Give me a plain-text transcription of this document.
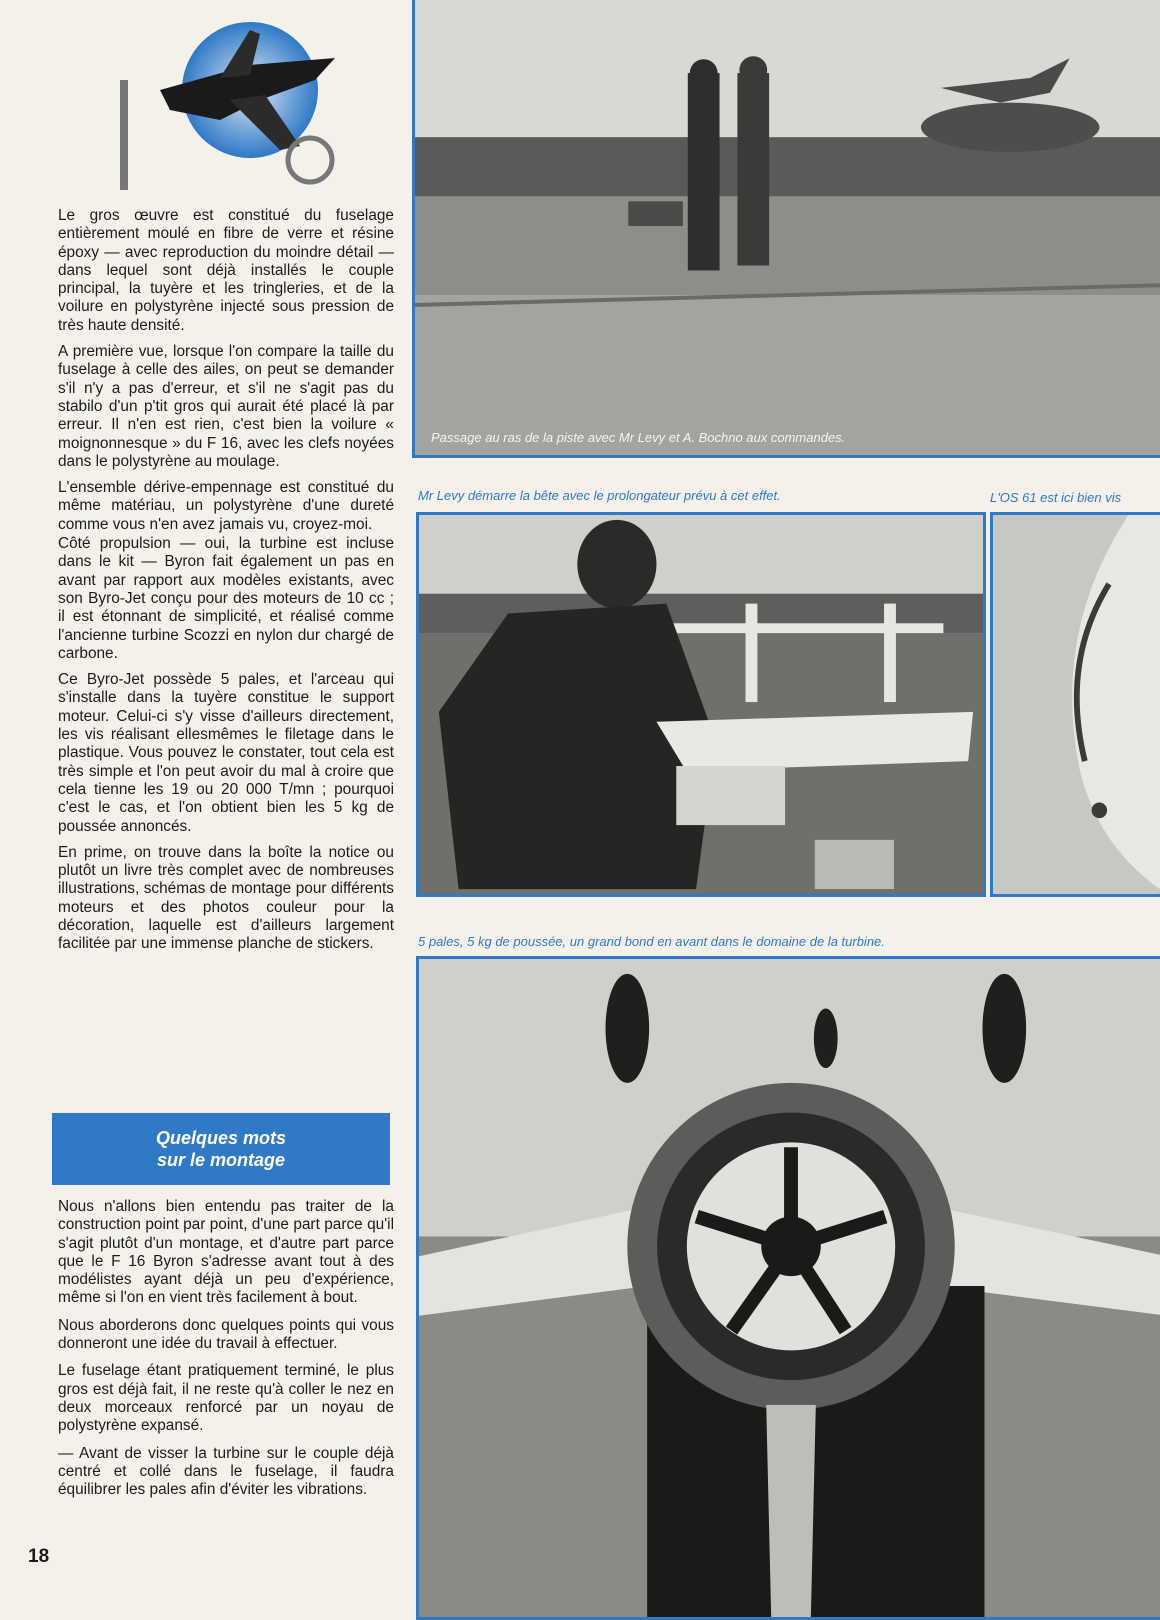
Le gros œuvre est constitué du fuselage entièrement moulé en fibre de verre et résine époxy — avec reproduction du moindre détail — dans lequel sont déjà installés le couple principal, la tuyère et les tringleries, et de la voilure en polystyrène injecté sous pression de très haute densité.

A première vue, lorsque l'on compare la taille du fuselage à celle des ailes, on peut se demander s'il n'y a pas d'erreur, et s'il ne s'agit pas du stabilo d'un p'tit gros qui aurait été placé là par erreur. Il n'en est rien, c'est bien la voilure « moignonnesque » du F 16, avec les clefs noyées dans le polystyrène au moulage.

L'ensemble dérive-empennage est constitué du même matériau, un polystyrène d'une dureté comme vous n'en avez jamais vu, croyez-moi.

Côté propulsion — oui, la turbine est incluse dans le kit — Byron fait également un pas en avant par rapport aux modèles existants, avec son Byro-Jet conçu pour des moteurs de 10 cc ; il est étonnant de simplicité, et réalisé comme l'ancienne turbine Scozzi en nylon dur chargé de carbone.

Ce Byro-Jet possède 5 pales, et l'arceau qui s'installe dans la tuyère constitue le support moteur. Celui-ci s'y visse d'ailleurs directement, les vis réalisant ellesmêmes le filetage dans le plastique. Vous pouvez le constater, tout cela est très simple et l'on peut avoir du mal à croire que cela tienne les 19 ou 20 000 T/mn ; pourquoi c'est le cas, et l'on obtient bien les 5 kg de poussée annoncés.

En prime, on trouve dans la boîte la notice ou plutôt un livre très complet avec de nombreuses illustrations, schémas de montage pour différents moteurs et des photos couleur pour la décoration, laquelle est d'ailleurs largement facilitée par une immense planche de stickers.

Quelques mots
sur le montage

Nous n'allons bien entendu pas traiter de la construction point par point, d'une part parce qu'il s'agit plutôt d'un montage, et d'autre part parce que le F 16 Byron s'adresse avant tout à des modélistes ayant déjà un peu d'expérience, même si l'on en vient très facilement à bout.

Nous aborderons donc quelques points qui vous donneront une idée du travail à effectuer.

Le fuselage étant pratiquement terminé, le plus gros est déjà fait, il ne reste qu'à coller le nez en deux morceaux renforcé par un noyau de polystyrène expansé.

— Avant de visser la turbine sur le couple déjà centré et collé dans le fuselage, il faudra équilibrer les pales afin d'éviter les vibrations.

18
Passage au ras de la piste avec Mr Levy et A. Bochno aux commandes.
Mr Levy démarre la bête avec le prolongateur prévu à cet effet.	L'OS 61 est ici bien vis
5 pales, 5 kg de poussée, un grand bond en avant dans le domaine de la turbine.
